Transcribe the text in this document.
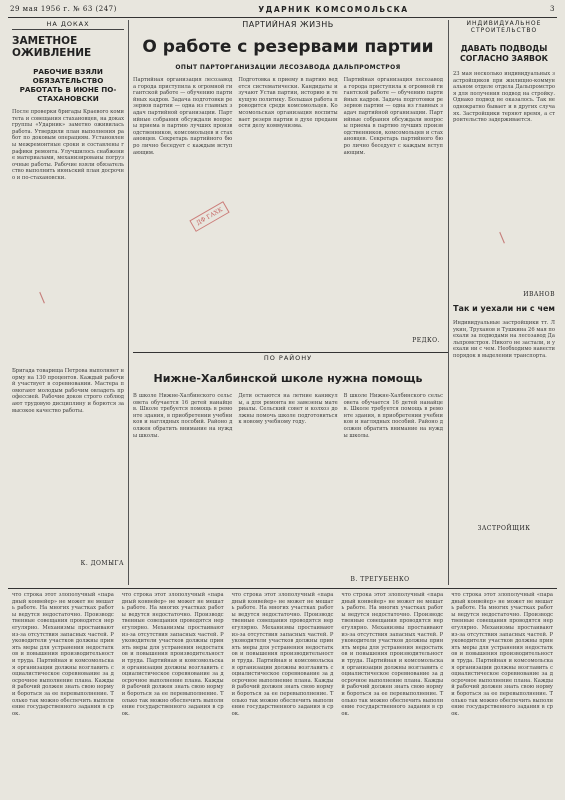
29 мая 1956 г. № 63 (247)	УДАРНИК КОМСОМОЛЬСКА	3
НА ДОКАХ
ЗАМЕТНОЕ ОЖИВЛЕНИЕ
РАБОЧИЕ ВЗЯЛИ ОБЯЗАТЕЛЬСТВО РАБОТАТЬ В ИЮНЕ ПО-СТАХАНОВСКИ
После проверки бригады Краевого комитета и совещания стахановцев, на доках группы «Ударник» заметно оживилась работа. Утвердили план выполнения работ по доковым операциям. Установлены межремонтные сроки и составлены графики ремонта. Улучшилось снабжение материалами, механизированы погрузочные работы. Рабочие взяли обязательство выполнить июньский план досрочно и по-стахановски.
Бригада товарища Петрова выполняет норму на 130 процентов. Каждый рабочий участвует в соревновании. Мастера помогают молодым рабочим овладеть профессией. Рабочие доков строго соблюдают трудовую дисциплину и борются за высокое качество работы.
К. ДОМЫГА
ПАРТИЙНАЯ ЖИЗНЬ
О работе с резервами партии
ОПЫТ ПАРТОРГАНИЗАЦИИ ЛЕСОЗАВОДА ДАЛЬПРОМСТРОЯ
Партийная организация лесозавода города приступила к огромной гигантской работе — обучению партийных кадров. Задача подготовки резервов партии — одна из главных задач партийной организации. Партийные собрания обсуждали вопросы приема в партию лучших производственников, комсомольцев и стахановцев. Секретарь партийного бюро лично беседует с каждым вступающим.
Подготовка к приему в партию ведется систематически. Кандидаты изучают Устав партии, историю и текущую политику. Большая работа проводится среди комсомольцев. Комсомольская организация воспитывает резерв партии в духе преданности делу коммунизма.
Партийная организация лесозавода города приступила к огромной гигантской работе — обучению партийных кадров. Задача подготовки резервов партии — одна из главных задач партийной организации. Партийные собрания обсуждали вопросы приема в партию лучших производственников, комсомольцев и стахановцев. Секретарь партийного бюро лично беседует с каждым вступающим.
РЕДКО.
ИНДИВИДУАЛЬНОЕ СТРОИТЕЛЬСТВО
ДАВАТЬ ПОДВОДЫ СОГЛАСНО ЗАЯВОК
23 мая несколько индивидуальных застройщиков при жилищно-коммунальном отделе отдела Дальпромстроя для получения подвод на стройку. Однако подвод не оказалось. Так неоднократно бывает и в других случаях. Застройщики теряют время, а строительство задерживается.
ИВАНОВ
Так и уехали ни с чем
Индивидуальные застройщики тт. Лукин, Труханов и Тушкина 26 мая поехали за подводами на лесозавод Дальпромстроя. Никого не застали, и уехали ни с чем. Необходимо навести порядок в выделении транспорта.
ЗАСТРОЙЩИК
ПО РАЙОНУ
Нижне-Халбинской школе нужна помощь
В школе Нижне-Халбинского сельсовета обучается 16 детей нанайцев. Школе требуется помощь в ремонте здания, в приобретении учебников и наглядных пособий. Районо должен обратить внимание на нужды школы.
Дети остаются на летние каникулы, а для ремонта не завезены материалы. Сельский совет и колхоз должны помочь школе подготовиться к новому учебному году.
В школе Нижне-Халбинского сельсовета обучается 16 детей нанайцев. Школе требуется помощь в ремонте здания, в приобретении учебников и наглядных пособий. Районо должен обратить внимание на нужды школы.
В. ТРЕГУБЕНКО
что строка этот злополучный «парадный конвейер» не может не мешать работе. На многих участках работы ведутся недостаточно. Производственные совещания проводятся нерегулярно. Механизмы простаивают из-за отсутствия запасных частей. Руководители участков должны принять меры для устранения недостатков и повышения производительности труда. Партийная и комсомольская организации должны возглавить социалистическое соревнование за досрочное выполнение плана. Каждый рабочий должен знать свою норму и бороться за ее перевыполнение. Только так можно обеспечить выполнение государственного задания в срок.
что строка этот злополучный «парадный конвейер» не может не мешать работе. На многих участках работы ведутся недостаточно. Производственные совещания проводятся нерегулярно. Механизмы простаивают из-за отсутствия запасных частей. Руководители участков должны принять меры для устранения недостатков и повышения производительности труда. Партийная и комсомольская организации должны возглавить социалистическое соревнование за досрочное выполнение плана. Каждый рабочий должен знать свою норму и бороться за ее перевыполнение. Только так можно обеспечить выполнение государственного задания в срок.
что строка этот злополучный «парадный конвейер» не может не мешать работе. На многих участках работы ведутся недостаточно. Производственные совещания проводятся нерегулярно. Механизмы простаивают из-за отсутствия запасных частей. Руководители участков должны принять меры для устранения недостатков и повышения производительности труда. Партийная и комсомольская организации должны возглавить социалистическое соревнование за досрочное выполнение плана. Каждый рабочий должен знать свою норму и бороться за ее перевыполнение. Только так можно обеспечить выполнение государственного задания в срок.
что строка этот злополучный «парадный конвейер» не может не мешать работе. На многих участках работы ведутся недостаточно. Производственные совещания проводятся нерегулярно. Механизмы простаивают из-за отсутствия запасных частей. Руководители участков должны принять меры для устранения недостатков и повышения производительности труда. Партийная и комсомольская организации должны возглавить социалистическое соревнование за досрочное выполнение плана. Каждый рабочий должен знать свою норму и бороться за ее перевыполнение. Только так можно обеспечить выполнение государственного задания в срок.
что строка этот злополучный «парадный конвейер» не может не мешать работе. На многих участках работы ведутся недостаточно. Производственные совещания проводятся нерегулярно. Механизмы простаивают из-за отсутствия запасных частей. Руководители участков должны принять меры для устранения недостатков и повышения производительности труда. Партийная и комсомольская организации должны возглавить социалистическое соревнование за досрочное выполнение плана. Каждый рабочий должен знать свою норму и бороться за ее перевыполнение. Только так можно обеспечить выполнение государственного задания в срок.
ДФ ГАХК
/
/
